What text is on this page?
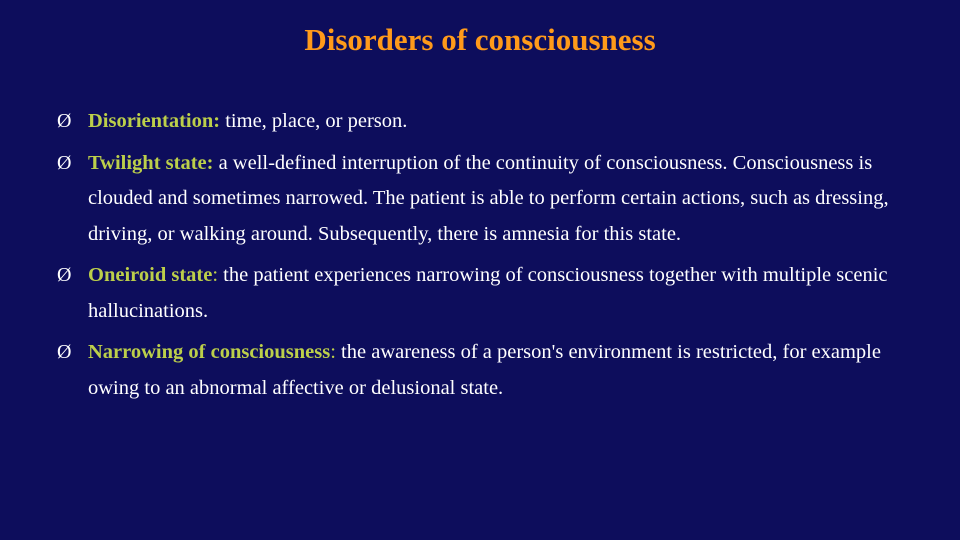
Disorders of consciousness
Ø Disorientation: time, place, or person.
Ø Twilight state: a well-defined interruption of the continuity of consciousness. Consciousness is clouded and sometimes narrowed. The patient is able to perform certain actions, such as dressing, driving, or walking around. Subsequently, there is amnesia for this state.
Ø Oneiroid state: the patient experiences narrowing of consciousness together with multiple scenic hallucinations.
Ø Narrowing of consciousness: the awareness of a person's environment is restricted, for example owing to an abnormal affective or delusional state.
